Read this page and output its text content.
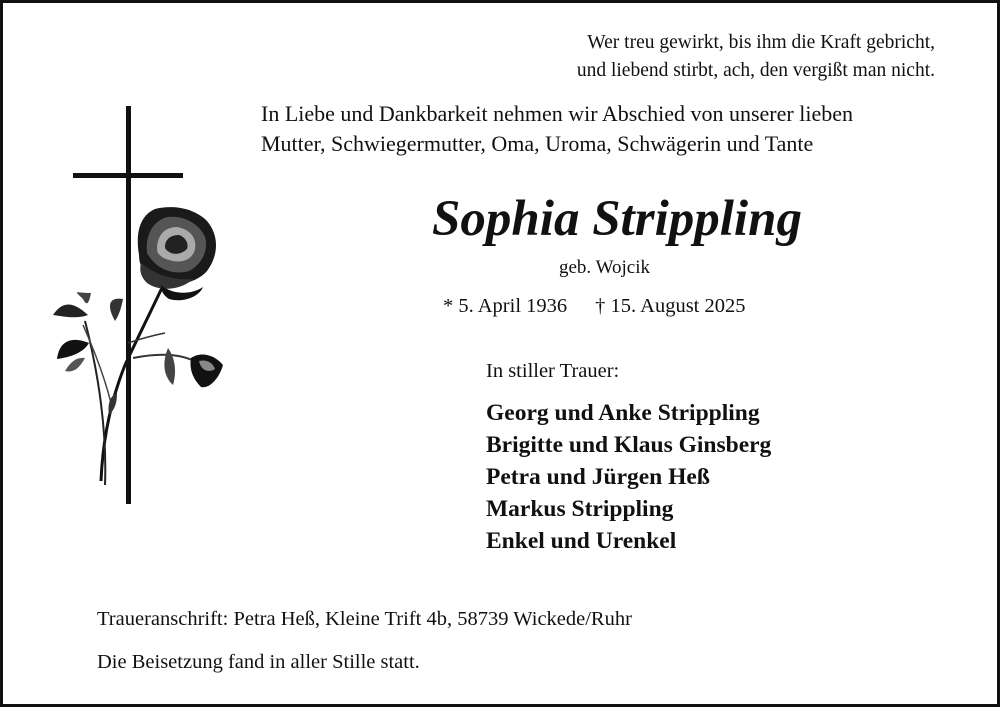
Wer treu gewirkt, bis ihm die Kraft gebricht,
und liebend stirbt, ach, den vergißt man nicht.
In Liebe und Dankbarkeit nehmen wir Abschied von unserer lieben
Mutter, Schwiegermutter, Oma, Uroma, Schwägerin und Tante
Sophia Strippling
geb. Wojcik
* 5. April 1936 † 15. August 2025
In stiller Trauer:
Georg und Anke Strippling
Brigitte und Klaus Ginsberg
Petra und Jürgen Heß
Markus Strippling
Enkel und Urenkel
Traueranschrift: Petra Heß, Kleine Trift 4b, 58739 Wickede/Ruhr
Die Beisetzung fand in aller Stille statt.
